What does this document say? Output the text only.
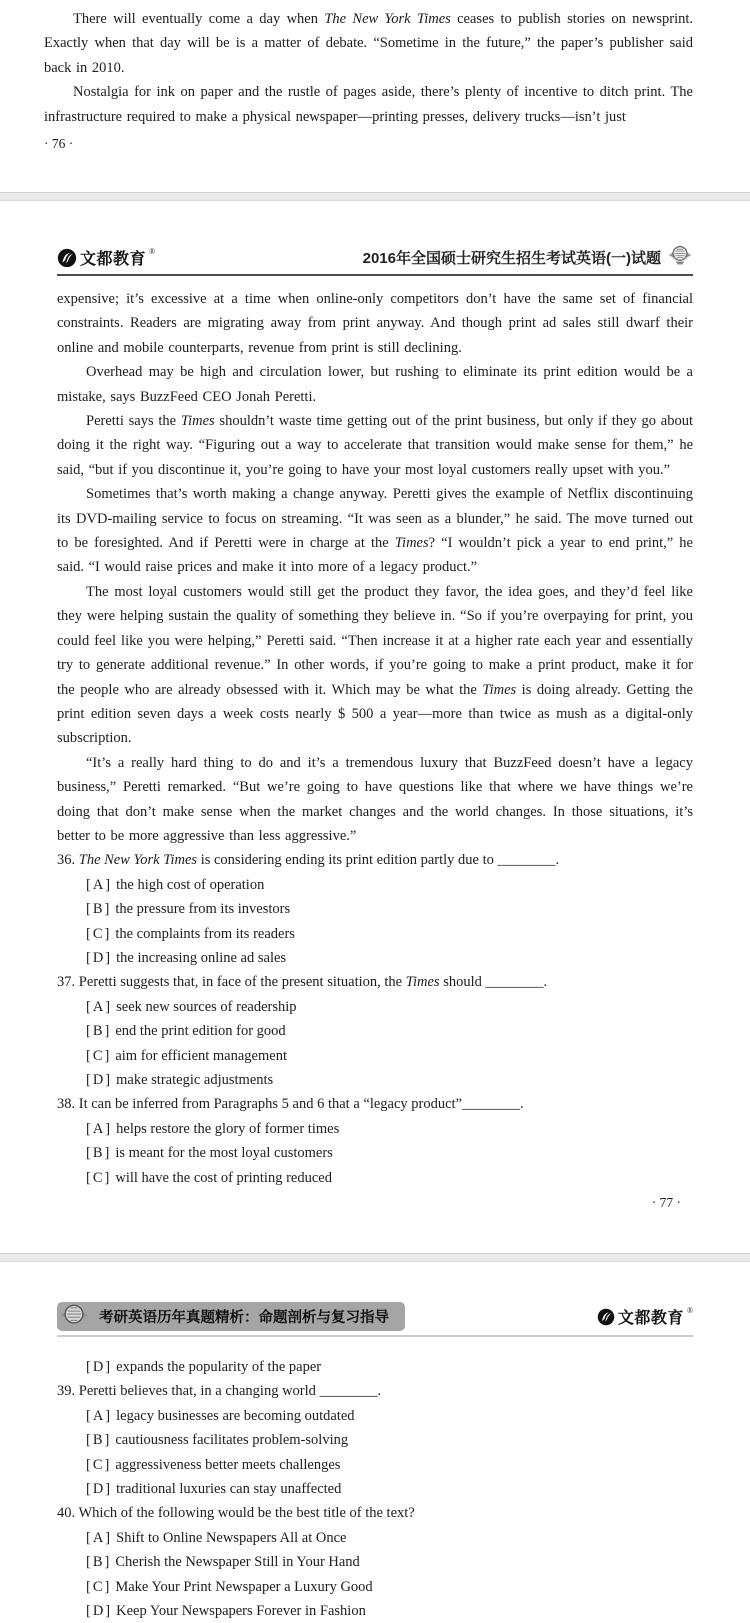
There will eventually come a day when The New York Times ceases to publish stories on newsprint. Exactly when that day will be is a matter of debate. “Sometime in the future,” the paper’s publisher said back in 2010.
Nostalgia for ink on paper and the rustle of pages aside, there’s plenty of incentive to ditch print. The infrastructure required to make a physical newspaper—printing presses, delivery trucks—isn’t just
· 76 ·
文都教育 ®	2016年全国硕士研究生招生考试英语(一)试题
expensive; it’s excessive at a time when online-only competitors don’t have the same set of financial constraints. Readers are migrating away from print anyway. And though print ad sales still dwarf their online and mobile counterparts, revenue from print is still declining.
Overhead may be high and circulation lower, but rushing to eliminate its print edition would be a mistake, says BuzzFeed CEO Jonah Peretti.
Peretti says the Times shouldn’t waste time getting out of the print business, but only if they go about doing it the right way. “Figuring out a way to accelerate that transition would make sense for them,” he said, “but if you discontinue it, you’re going to have your most loyal customers really upset with you.”
Sometimes that’s worth making a change anyway. Peretti gives the example of Netflix discontinuing its DVD-mailing service to focus on streaming. “It was seen as a blunder,” he said. The move turned out to be foresighted. And if Peretti were in charge at the Times? “I wouldn’t pick a year to end print,” he said. “I would raise prices and make it into more of a legacy product.”
The most loyal customers would still get the product they favor, the idea goes, and they’d feel like they were helping sustain the quality of something they believe in. “So if you’re overpaying for print, you could feel like you were helping,” Peretti said. “Then increase it at a higher rate each year and essentially try to generate additional revenue.” In other words, if you’re going to make a print product, make it for the people who are already obsessed with it. Which may be what the Times is doing already. Getting the print edition seven days a week costs nearly $ 500 a year—more than twice as mush as a digital-only subscription.
“It’s a really hard thing to do and it’s a tremendous luxury that BuzzFeed doesn’t have a legacy business,” Peretti remarked. “But we’re going to have questions like that where we have things we’re doing that don’t make sense when the market changes and the world changes. In those situations, it’s better to be more aggressive than less aggressive.”
36. The New York Times is considering ending its print edition partly due to ________.
[A] the high cost of operation
[B] the pressure from its investors
[C] the complaints from its readers
[D] the increasing online ad sales
37. Peretti suggests that, in face of the present situation, the Times should ________.
[A] seek new sources of readership
[B] end the print edition for good
[C] aim for efficient management
[D] make strategic adjustments
38. It can be inferred from Paragraphs 5 and 6 that a “legacy product”________.
[A] helps restore the glory of former times
[B] is meant for the most loyal customers
[C] will have the cost of printing reduced
· 77 ·
考研英语历年真题精析：命题剖析与复习指导	文都教育 ®
[D] expands the popularity of the paper
39. Peretti believes that, in a changing world ________.
[A] legacy businesses are becoming outdated
[B] cautiousness facilitates problem-solving
[C] aggressiveness better meets challenges
[D] traditional luxuries can stay unaffected
40. Which of the following would be the best title of the text?
[A] Shift to Online Newspapers All at Once
[B] Cherish the Newspaper Still in Your Hand
[C] Make Your Print Newspaper a Luxury Good
[D] Keep Your Newspapers Forever in Fashion
